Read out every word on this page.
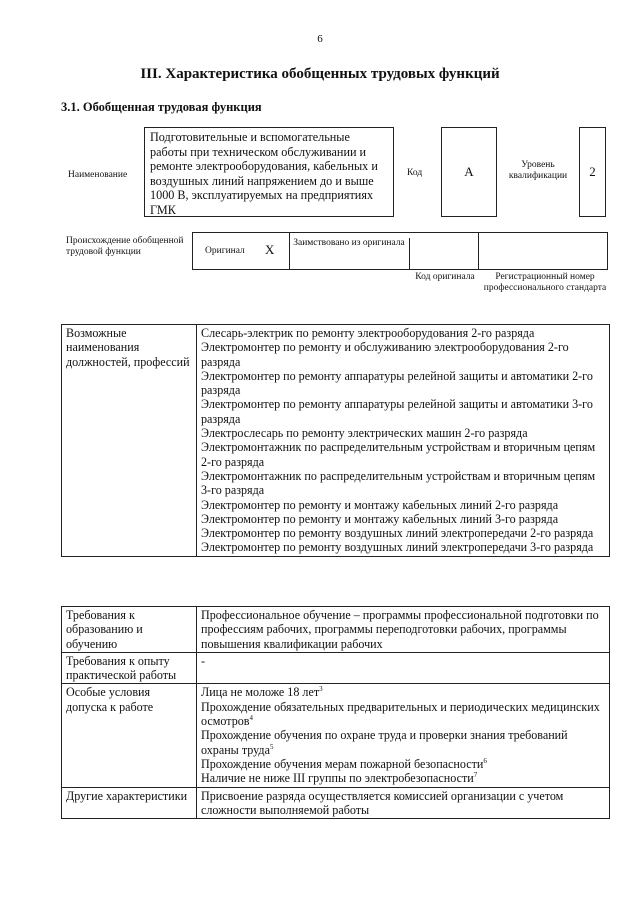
6
III. Характеристика обобщенных трудовых функций
3.1. Обобщенная трудовая функция
Наименование
Подготовительные и вспомогательные работы при техническом обслуживании и ремонте электрооборудования, кабельных и воздушных линий напряжением до и выше 1000 В, эксплуатируемых на предприятиях ГМК
Код	А	Уровень квалификации	2
Происхождение обобщенной трудовой функции	Оригинал X	Заимствовано из оригинала
Код оригинала	Регистрационный номер профессионального стандарта
Возможные наименования должностей, профессий	
Слесарь-электрик по ремонту электрооборудования 2-го разряда
Электромонтер по ремонту и обслуживанию электрооборудования 2-го разряда
Электромонтер по ремонту аппаратуры релейной защиты и автоматики 2-го разряда
Электромонтер по ремонту аппаратуры релейной защиты и автоматики 3-го разряда
Электрослесарь по ремонту электрических машин 2-го разряда
Электромонтажник по распределительным устройствам и вторичным цепям 2-го разряда
Электромонтажник по распределительным устройствам и вторичным цепям 3-го разряда
Электромонтер по ремонту и монтажу кабельных линий 2-го разряда
Электромонтер по ремонту и монтажу кабельных линий 3-го разряда
Электромонтер по ремонту воздушных линий электропередачи 2-го разряда
Электромонтер по ремонту воздушных линий электропередачи 3-го разряда
Требования к образованию и обучению	Профессиональное обучение – программы профессиональной подготовки по профессиям рабочих, программы переподготовки рабочих, программы повышения квалификации рабочих
Требования к опыту практической работы	-
Особые условия допуска к работе	Лица не моложе 18 лет$^3$
Прохождение обязательных предварительных и периодических медицинских осмотров$^4$
Прохождение обучения по охране труда и проверки знания требований охраны труда$^5$
Прохождение обучения мерам пожарной безопасности$^6$
Наличие не ниже III группы по электробезопасности$^7$

Другие характеристики	Присвоение разряда осуществляется комиссией организации с учетом сложности выполняемой работы
